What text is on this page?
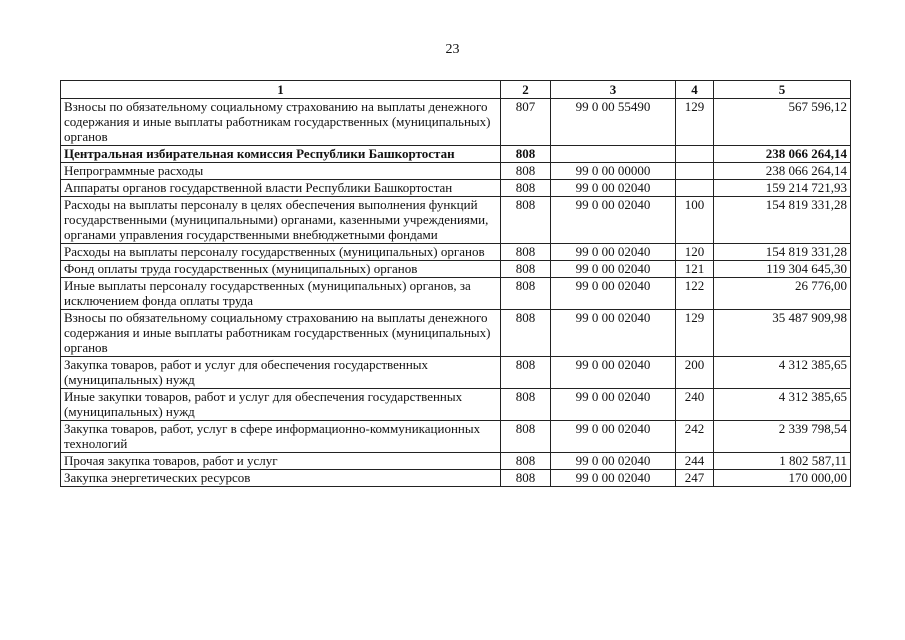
23
1	2	3	4	5
Взносы по обязательному социальному страхованию на выплаты денежного содержания и иные выплаты работникам государственных (муниципальных) органов	807	99 0 00 55490	129	567 596,12
Центральная избирательная комиссия Республики Башкортостан	808			238 066 264,14
Непрограммные расходы	808	99 0 00 00000		238 066 264,14
Аппараты органов государственной власти Республики Башкортостан	808	99 0 00 02040		159 214 721,93
Расходы на выплаты персоналу в целях обеспечения выполнения функций государственными (муниципальными) органами, казенными учреждениями, органами управления государственными внебюджетными фондами	808	99 0 00 02040	100	154 819 331,28
Расходы на выплаты персоналу государственных (муниципальных) органов	808	99 0 00 02040	120	154 819 331,28
Фонд оплаты труда государственных (муниципальных) органов	808	99 0 00 02040	121	119 304 645,30
Иные выплаты персоналу государственных (муниципальных) органов, за исключением фонда оплаты труда	808	99 0 00 02040	122	26 776,00
Взносы по обязательному социальному страхованию на выплаты денежного содержания и иные выплаты работникам государственных (муниципальных) органов	808	99 0 00 02040	129	35 487 909,98
Закупка товаров, работ и услуг для обеспечения государственных (муниципальных) нужд	808	99 0 00 02040	200	4 312 385,65
Иные закупки товаров, работ и услуг для обеспечения государственных (муниципальных) нужд	808	99 0 00 02040	240	4 312 385,65
Закупка товаров, работ, услуг в сфере информационно-коммуникационных технологий	808	99 0 00 02040	242	2 339 798,54
Прочая закупка товаров, работ и услуг	808	99 0 00 02040	244	1 802 587,11
Закупка энергетических ресурсов	808	99 0 00 02040	247	170 000,00
